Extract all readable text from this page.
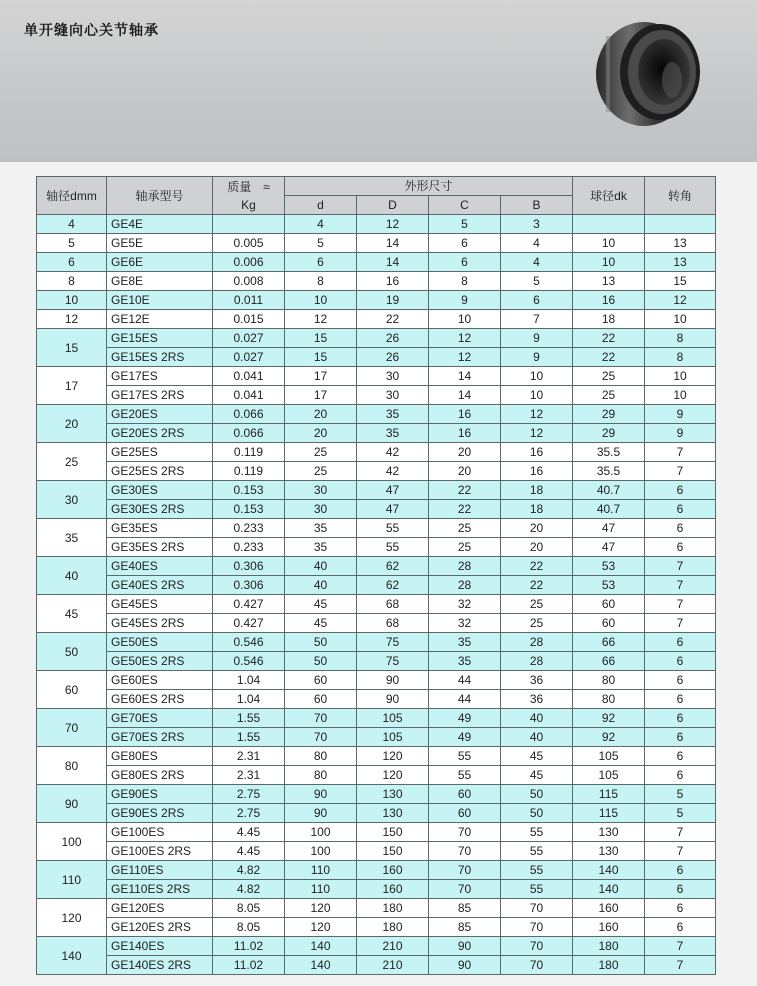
单开缝向心关节轴承
轴径dmm	轴承型号	质量　≈
Kg	外形尺寸				球径dk	转角
			d	D	C	B		
4	GE4E		4	12	5	3		
5	GE5E	0.005	5	14	6	4	10	13
6	GE6E	0.006	6	14	6	4	10	13
8	GE8E	0.008	8	16	8	5	13	15
10	GE10E	0.011	10	19	9	6	16	12
12	GE12E	0.015	12	22	10	7	18	10
15	GE15ES	0.027	15	26	12	9	22	8
	GE15ES 2RS	0.027	15	26	12	9	22	8
17	GE17ES	0.041	17	30	14	10	25	10
	GE17ES 2RS	0.041	17	30	14	10	25	10
20	GE20ES	0.066	20	35	16	12	29	9
	GE20ES 2RS	0.066	20	35	16	12	29	9
25	GE25ES	0.119	25	42	20	16	35.5	7
	GE25ES 2RS	0.119	25	42	20	16	35.5	7
30	GE30ES	0.153	30	47	22	18	40.7	6
	GE30ES 2RS	0.153	30	47	22	18	40.7	6
35	GE35ES	0.233	35	55	25	20	47	6
	GE35ES 2RS	0.233	35	55	25	20	47	6
40	GE40ES	0.306	40	62	28	22	53	7
	GE40ES 2RS	0.306	40	62	28	22	53	7
45	GE45ES	0.427	45	68	32	25	60	7
	GE45ES 2RS	0.427	45	68	32	25	60	7
50	GE50ES	0.546	50	75	35	28	66	6
	GE50ES 2RS	0.546	50	75	35	28	66	6
60	GE60ES	1.04	60	90	44	36	80	6
	GE60ES 2RS	1.04	60	90	44	36	80	6
70	GE70ES	1.55	70	105	49	40	92	6
	GE70ES 2RS	1.55	70	105	49	40	92	6
80	GE80ES	2.31	80	120	55	45	105	6
	GE80ES 2RS	2.31	80	120	55	45	105	6
90	GE90ES	2.75	90	130	60	50	115	5
	GE90ES 2RS	2.75	90	130	60	50	115	5
100	GE100ES	4.45	100	150	70	55	130	7
	GE100ES 2RS	4.45	100	150	70	55	130	7
110	GE110ES	4.82	110	160	70	55	140	6
	GE110ES 2RS	4.82	110	160	70	55	140	6
120	GE120ES	8.05	120	180	85	70	160	6
	GE120ES 2RS	8.05	120	180	85	70	160	6
140	GE140ES	11.02	140	210	90	70	180	7
	GE140ES 2RS	11.02	140	210	90	70	180	7
